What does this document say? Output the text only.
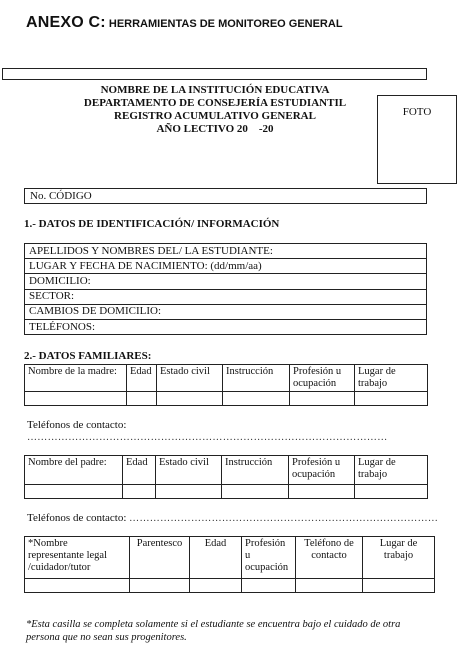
ANEXO C: HERRAMIENTAS DE MONITOREO GENERAL
NOMBRE DE LA INSTITUCIÓN EDUCATIVA
DEPARTAMENTO DE CONSEJERÍA ESTUDIANTIL
REGISTRO ACUMULATIVO GENERAL
AÑO LECTIVO 20    -20
FOTO
No. CÓDIGO
1.- DATOS DE IDENTIFICACIÓN/ INFORMACIÓN
APELLIDOS Y NOMBRES DEL/ LA ESTUDIANTE:
LUGAR Y FECHA DE NACIMIENTO: (dd/mm/aa)
DOMICILIO:
SECTOR:
CAMBIOS DE DOMICILIO:
TELÉFONOS:
2.- DATOS FAMILIARES:
Nombre de la madre:	Edad	Estado civil	Instrucción	Profesión u ocupación	Lugar de trabajo

Teléfonos de contacto:
……………………………………………………………………………………………
Nombre del padre:	Edad	Estado civil	Instrucción	Profesión u ocupación	Lugar de trabajo

Teléfonos de contacto: ………………………………………………………………………………
*Nombre representante legal /cuidador/tutor	Parentesco	Edad	Profesión u ocupación	Teléfono de contacto	Lugar de trabajo

*Esta casilla se completa solamente si el estudiante se encuentra bajo el cuidado de otra persona que no sean sus progenitores.
